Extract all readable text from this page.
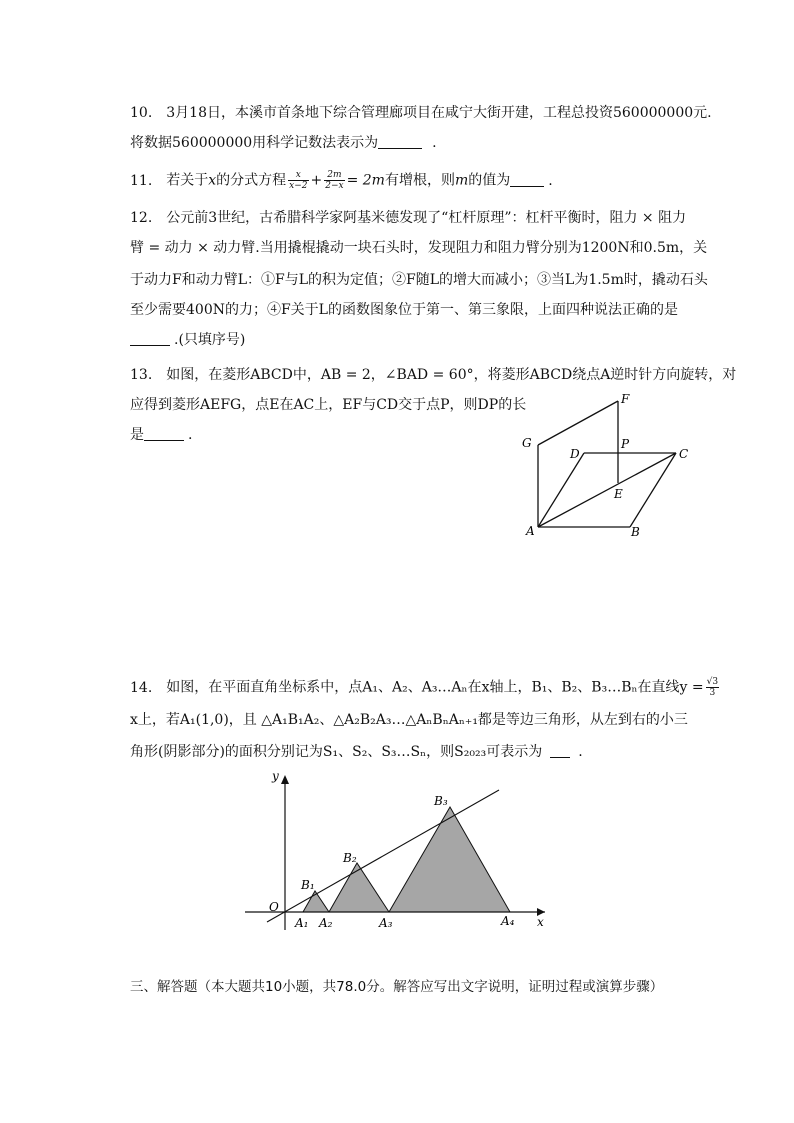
10. 3月18日，本溪市首条地下综合管理廊项目在咸宁大街开建，工程总投资560000000元.
将数据560000000用科学记数法表示为	.
11. 若关于x的分式方程 $\frac{x}{x-2} + \frac{2m}{2-x} = 2m$有增根，则m的值为	.
12. 公元前3世纪，古希腊科学家阿基米德发现了“杠杆原理”：杠杆平衡时，阻力 × 阻力
臂 = 动力 × 动力臂.当用撬棍撬动一块石头时，发现阻力和阻力臂分别为1200N和0.5m，关
于动力F和动力臂L：①F与L的积为定值；②F随L的增大而减小；③当L为1.5m时，撬动石头
至少需要400N的力；④F关于L的函数图象位于第一、第三象限，上面四种说法正确的是
.(只填序号)
13. 如图，在菱形ABCD中，AB = 2，∠BAD = 60°，将菱形ABCD绕点A逆时针方向旋转，对
应得到菱形AEFG，点E在AC上，EF与CD交于点P，则DP的长
是	.
F
G	P
D	C
E
A	B
14. 如图，在平面直角坐标系中，点A₁、A₂、A₃…Aₙ在x轴上，B₁、B₂、B₃…Bₙ在直线$y = \frac{√3}{3}$
x上，若A₁(1,0)，且 △A₁B₁A₂、△A₂B₂A₃…△AₙBₙAₙ₊₁都是等边三角形，从左到右的小三
角形(阴影部分)的面积分别记为S₁、S₂、S₃…Sₙ，则S₂₀₂₃可表示为	.
y
x
O
A₁ A₂	A₃	A₄
B₁
B₂
B₃
三、解答题（本大题共10小题，共78.0分。解答应写出文字说明，证明过程或演算步骤）
